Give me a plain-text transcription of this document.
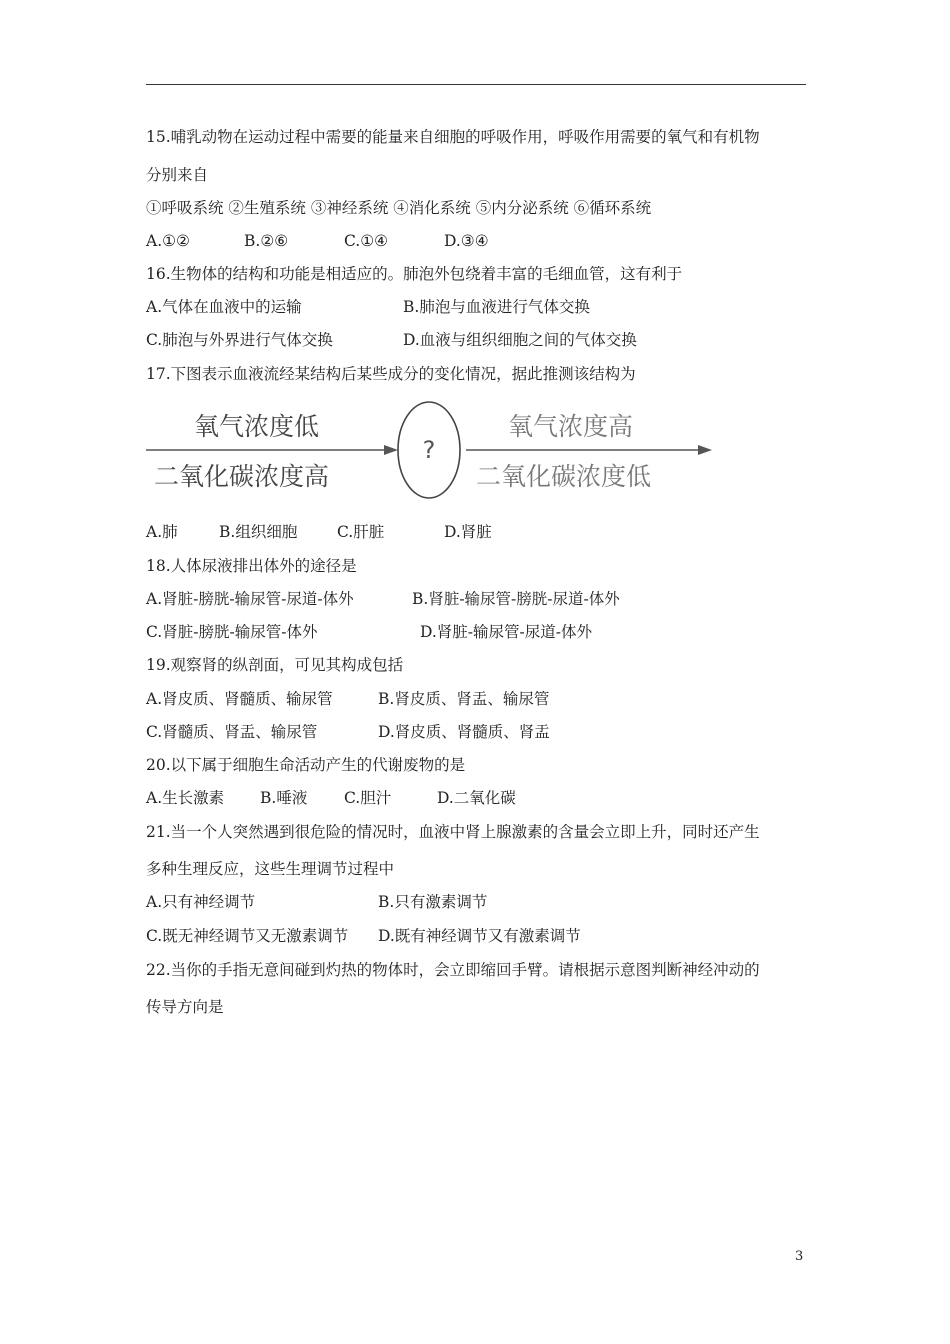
15.哺乳动物在运动过程中需要的能量来自细胞的呼吸作用，呼吸作用需要的氧气和有机物
分别来自
①呼吸系统 ②生殖系统 ③神经系统 ④消化系统 ⑤内分泌系统 ⑥循环系统
A.①②	B.②⑥	C.①④	D.③④
16.生物体的结构和功能是相适应的。肺泡外包绕着丰富的毛细血管，这有利于
A.气体在血液中的运输	B.肺泡与血液进行气体交换
C.肺泡与外界进行气体交换	D.血液与组织细胞之间的气体交换
17.下图表示血液流经某结构后某些成分的变化情况，据此推测该结构为
氧气浓度低
二氧化碳浓度高
?
氧气浓度高
二氧化碳浓度低
A.肺	B.组织细胞	C.肝脏	D.肾脏
18.人体尿液排出体外的途径是
A.肾脏-膀胱-输尿管-尿道-体外	B.肾脏-输尿管-膀胱-尿道-体外
C.肾脏-膀胱-输尿管-体外	D.肾脏-输尿管-尿道-体外
19.观察肾的纵剖面，可见其构成包括
A.肾皮质、肾髓质、输尿管	B.肾皮质、肾盂、输尿管
C.肾髓质、肾盂、输尿管	D.肾皮质、肾髓质、肾盂
20.以下属于细胞生命活动产生的代谢废物的是
A.生长激素 B.唾液 C.胆汁	D.二氧化碳
21.当一个人突然遇到很危险的情况时，血液中肾上腺激素的含量会立即上升，同时还产生
多种生理反应，这些生理调节过程中
A.只有神经调节	B.只有激素调节
C.既无神经调节又无激素调节 D.既有神经调节又有激素调节
22.当你的手指无意间碰到灼热的物体时，会立即缩回手臂。请根据示意图判断神经冲动的
传导方向是
3
